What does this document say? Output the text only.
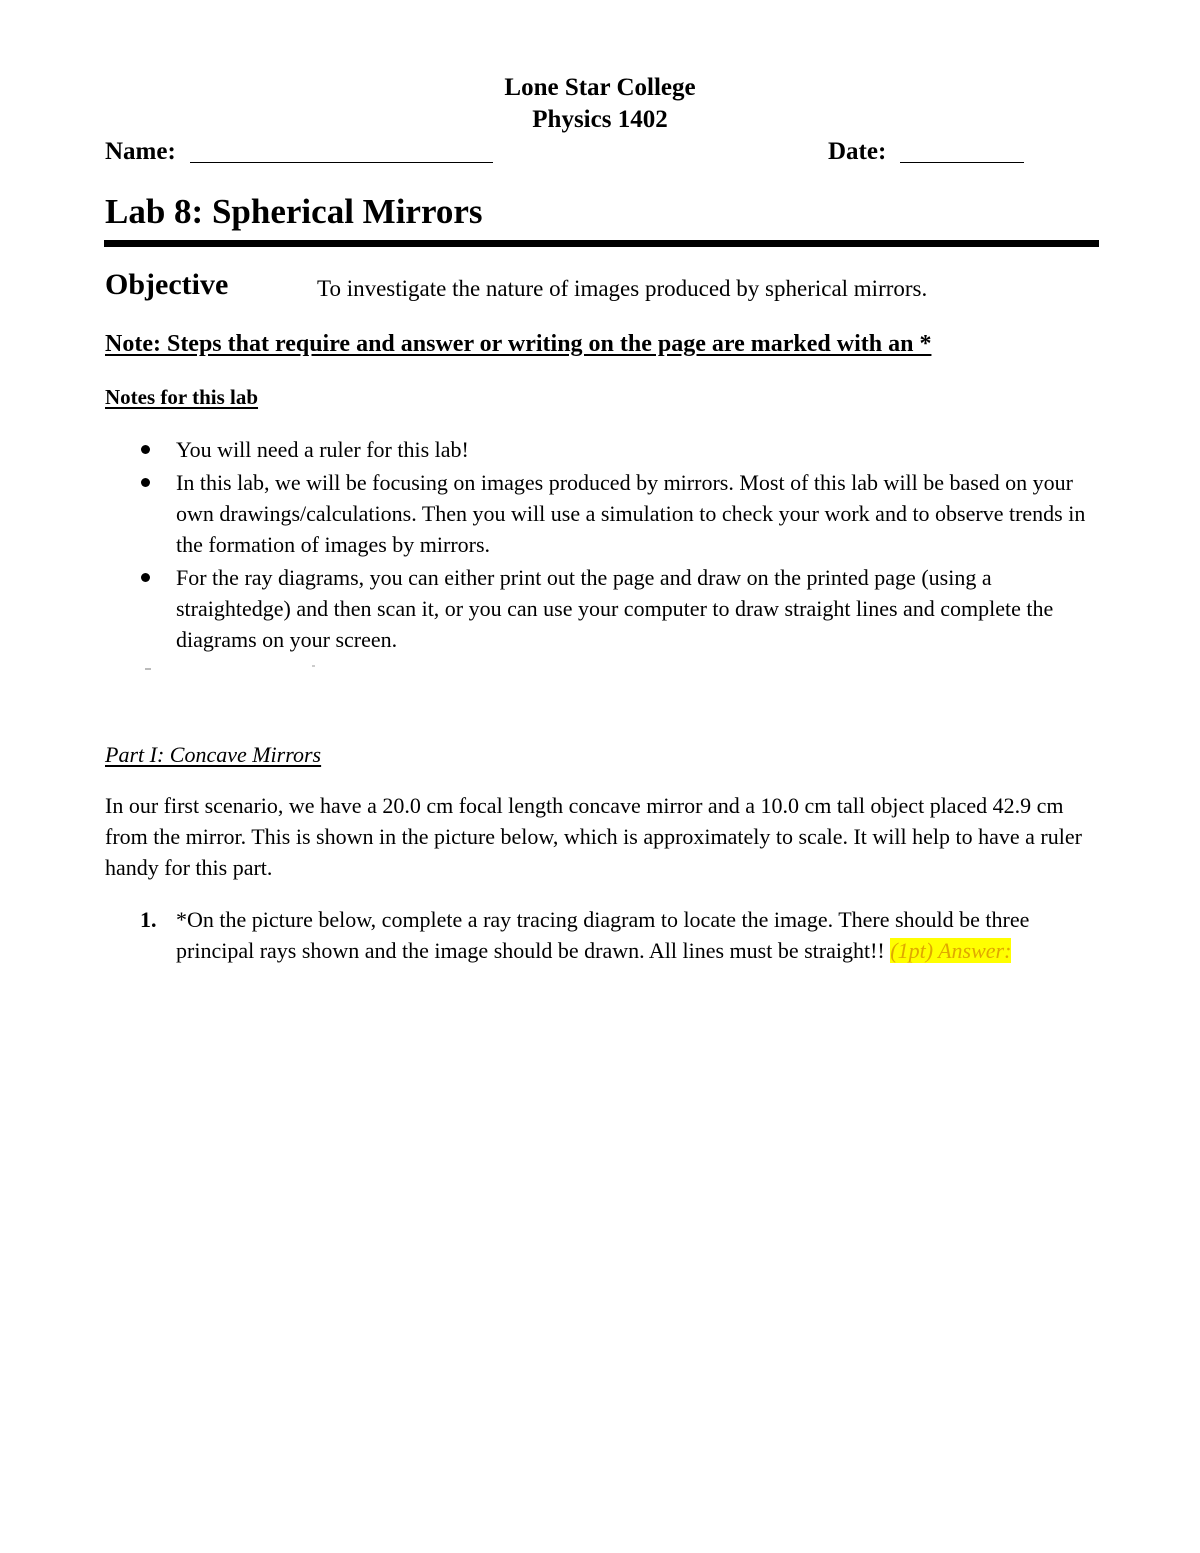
Lone Star College
Physics 1402
Name:	Date:
Lab 8: Spherical Mirrors
Objective	To investigate the nature of images produced by spherical mirrors.
Note: Steps that require and answer or writing on the page are marked with an *
Notes for this lab
You will need a ruler for this lab!
In this lab, we will be focusing on images produced by mirrors. Most of this lab will be based on your own drawings/calculations. Then you will use a simulation to check your work and to observe trends in the formation of images by mirrors.
For the ray diagrams, you can either print out the page and draw on the printed page (using a straightedge) and then scan it, or you can use your computer to draw straight lines and complete the diagrams on your screen.
Part I: Concave Mirrors
In our first scenario, we have a 20.0 cm focal length concave mirror and a 10.0 cm tall object placed 42.9 cm from the mirror. This is shown in the picture below, which is approximately to scale. It will help to have a ruler handy for this part.
1. *On the picture below, complete a ray tracing diagram to locate the image. There should be three principal rays shown and the image should be drawn. All lines must be straight!! (1pt) Answer:
